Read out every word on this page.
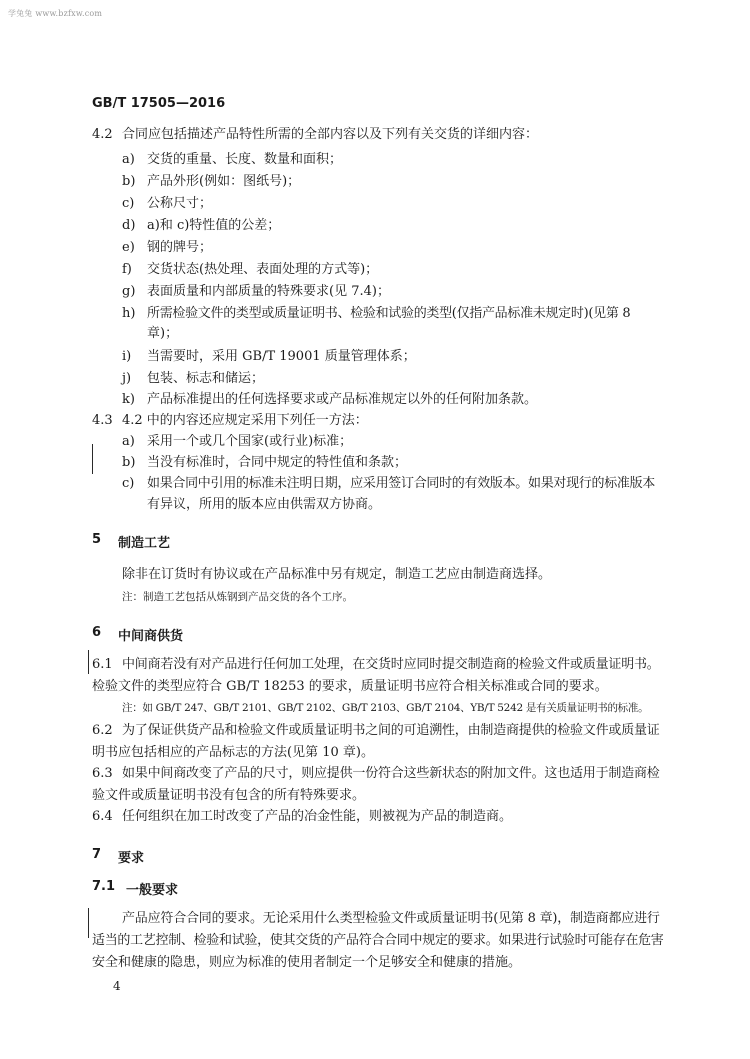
学兔兔 www.bzfxw.com
GB/T 17505—2016
4.2 合同应包括描述产品特性所需的全部内容以及下列有关交货的详细内容：
a) 交货的重量、长度、数量和面积；
b) 产品外形(例如：图纸号)；
c) 公称尺寸；
d) a)和 c)特性值的公差；
e) 钢的牌号；
f) 交货状态(热处理、表面处理的方式等)；
g) 表面质量和内部质量的特殊要求(见 7.4)；
h) 所需检验文件的类型或质量证明书、检验和试验的类型(仅指产品标准未规定时)(见第 8
章)；
i) 当需要时，采用 GB/T 19001 质量管理体系；
j) 包装、标志和储运；
k) 产品标准提出的任何选择要求或产品标准规定以外的任何附加条款。
4.3 4.2 中的内容还应规定采用下列任一方法：
a) 采用一个或几个国家(或行业)标准；
b) 当没有标准时，合同中规定的特性值和条款；
c) 如果合同中引用的标准未注明日期，应采用签订合同时的有效版本。如果对现行的标准版本
有异议，所用的版本应由供需双方协商。
5 制造工艺
除非在订货时有协议或在产品标准中另有规定，制造工艺应由制造商选择。
注：制造工艺包括从炼钢到产品交货的各个工序。
6 中间商供货
6.1 中间商若没有对产品进行任何加工处理，在交货时应同时提交制造商的检验文件或质量证明书。
检验文件的类型应符合 GB/T 18253 的要求，质量证明书应符合相关标准或合同的要求。
注：如 GB/T 247、GB/T 2101、GB/T 2102、GB/T 2103、GB/T 2104、YB/T 5242 是有关质量证明书的标准。
6.2 为了保证供货产品和检验文件或质量证明书之间的可追溯性，由制造商提供的检验文件或质量证
明书应包括相应的产品标志的方法(见第 10 章)。
6.3 如果中间商改变了产品的尺寸，则应提供一份符合这些新状态的附加文件。这也适用于制造商检
验文件或质量证明书没有包含的所有特殊要求。
6.4 任何组织在加工时改变了产品的冶金性能，则被视为产品的制造商。
7 要求
7.1 一般要求
产品应符合合同的要求。无论采用什么类型检验文件或质量证明书(见第 8 章)，制造商都应进行
适当的工艺控制、检验和试验，使其交货的产品符合合同中规定的要求。如果进行试验时可能存在危害
安全和健康的隐患，则应为标准的使用者制定一个足够安全和健康的措施。
4
